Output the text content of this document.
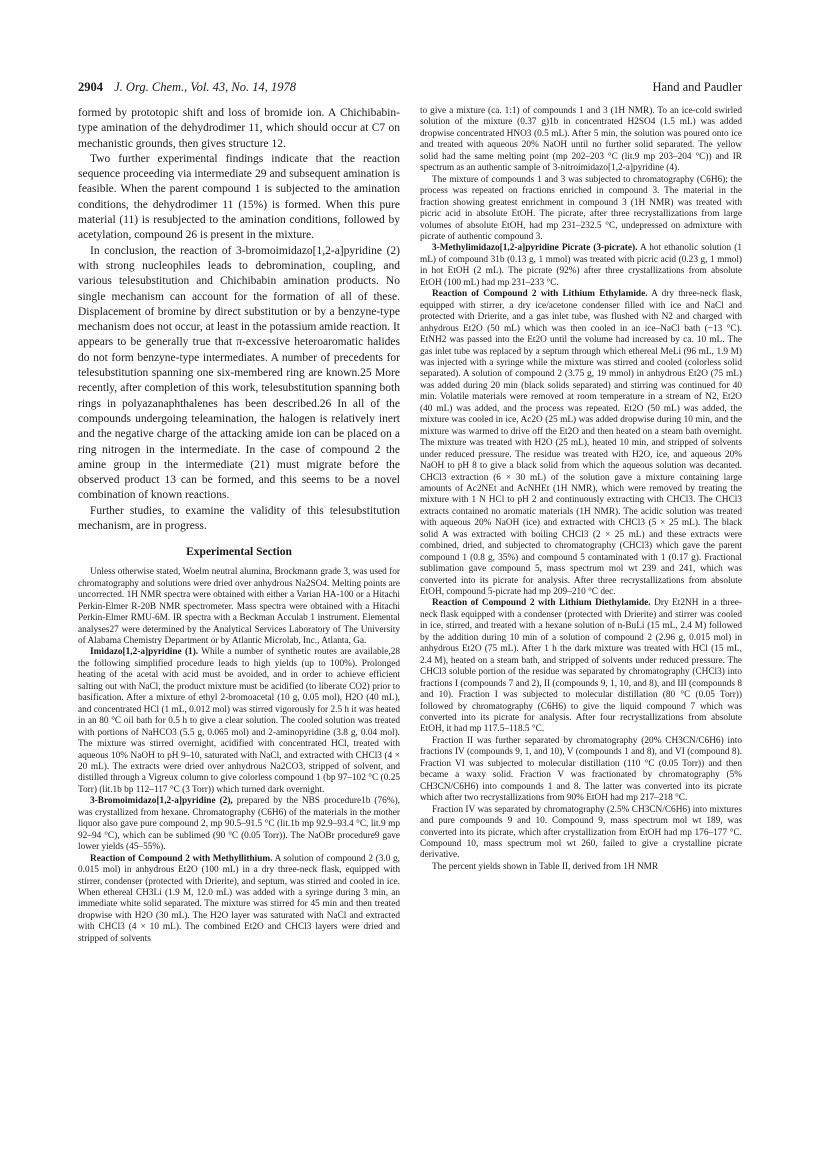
2904 J. Org. Chem., Vol. 43, No. 14, 1978	Hand and Paudler

formed by prototopic shift and loss of bromide ion. A Chichibabin-type amination of the dehydrodimer 11, which should occur at C7 on mechanistic grounds, then gives structure 12.

Two further experimental findings indicate that the reaction sequence proceeding via intermediate 29 and subsequent amination is feasible. When the parent compound 1 is subjected to the amination conditions, the dehydrodimer 11 (15%) is formed. When this pure material (11) is resubjected to the amination conditions, followed by acetylation, compound 26 is present in the mixture.

In conclusion, the reaction of 3-bromoimidazo[1,2-a]pyridine (2) with strong nucleophiles leads to debromination, coupling, and various telesubstitution and Chichibabin amination products. No single mechanism can account for the formation of all of these. Displacement of bromine by direct substitution or by a benzyne-type mechanism does not occur, at least in the potassium amide reaction. It appears to be generally true that π-excessive heteroaromatic halides do not form benzyne-type intermediates. A number of precedents for telesubstitution spanning one six-membered ring are known.25 More recently, after completion of this work, telesubstitution spanning both rings in polyazanaphthalenes has been described.26 In all of the compounds undergoing teleamination, the halogen is relatively inert and the negative charge of the attacking amide ion can be placed on a ring nitrogen in the intermediate. In the case of compound 2 the amine group in the intermediate (21) must migrate before the observed product 13 can be formed, and this seems to be a novel combination of known reactions.

Further studies, to examine the validity of this telesubstitution mechanism, are in progress.

Experimental Section

Unless otherwise stated, Woelm neutral alumina, Brockmann grade 3, was used for chromatography and solutions were dried over anhydrous Na2SO4. Melting points are uncorrected. 1H NMR spectra were obtained with either a Varian HA-100 or a Hitachi Perkin-Elmer R-20B NMR spectrometer. Mass spectra were obtained with a Hitachi Perkin-Elmer RMU-6M. IR spectra with a Beckman Acculab 1 instrument. Elemental analyses27 were determined by the Analytical Services Laboratory of The University of Alabama Chemistry Department or by Atlantic Microlab, Inc., Atlanta, Ga.

Imidazo[1,2-a]pyridine (1). While a number of synthetic routes are available,28 the following simplified procedure leads to high yields (up to 100%). Prolonged heating of the acetal with acid must be avoided, and in order to achieve efficient salting out with NaCl, the product mixture must be acidified (to liberate CO2) prior to basification. After a mixture of ethyl 2-bromoacetal (10 g, 0.05 mol), H2O (40 mL), and concentrated HCl (1 mL, 0.012 mol) was stirred vigorously for 2.5 h it was heated in an 80 °C oil bath for 0.5 h to give a clear solution. The cooled solution was treated with portions of NaHCO3 (5.5 g, 0.065 mol) and 2-aminopyridine (3.8 g, 0.04 mol). The mixture was stirred overnight, acidified with concentrated HCl, treated with aqueous 10% NaOH to pH 9–10, saturated with NaCl, and extracted with CHCl3 (4 × 20 mL). The extracts were dried over anhydrous Na2CO3, stripped of solvent, and distilled through a Vigreux column to give colorless compound 1 (bp 97–102 °C (0.25 Torr) (lit.1b bp 112–117 °C (3 Torr)) which turned dark overnight.

3-Bromoimidazo[1,2-a]pyridine (2), prepared by the NBS procedure1b (76%), was crystallized from hexane. Chromatography (C6H6) of the materials in the mother liquor also gave pure compound 2, mp 90.5–91.5 °C (lit.1b mp 92.9–93.4 °C, lit.9 mp 92–94 °C), which can be sublimed (90 °C (0.05 Torr)). The NaOBr procedure9 gave lower yields (45–55%).

Reaction of Compound 2 with Methyllithium. A solution of compound 2 (3.0 g, 0.015 mol) in anhydrous Et2O (100 mL) in a dry three-neck flask, equipped with stirrer, condenser (protected with Drierite), and septum, was stirred and cooled in ice. When ethereal CH3Li (1.9 M, 12.0 mL) was added with a syringe during 3 min, an immediate white solid separated. The mixture was stirred for 45 min and then treated dropwise with H2O (30 mL). The H2O layer was saturated with NaCl and extracted with CHCl3 (4 × 10 mL). The combined Et2O and CHCl3 layers were dried and stripped of solvents

to give a mixture (ca. 1:1) of compounds 1 and 3 (1H NMR). To an ice-cold swirled solution of the mixture (0.37 g)1b in concentrated H2SO4 (1.5 mL) was added dropwise concentrated HNO3 (0.5 mL). After 5 min, the solution was poured onto ice and treated with aqueous 20% NaOH until no further solid separated. The yellow solid had the same melting point (mp 202–203 °C (lit.9 mp 203–204 °C)) and IR spectrum as an authentic sample of 3-nitroimidazo[1,2-a]pyridine (4).

The mixture of compounds 1 and 3 was subjected to chromatography (C6H6); the process was repeated on fractions enriched in compound 3. The material in the fraction showing greatest enrichment in compound 3 (1H NMR) was treated with picric acid in absolute EtOH. The picrate, after three recrystallizations from large volumes of absolute EtOH, had mp 231–232.5 °C, undepressed on admixture with picrate of authentic compound 3.

3-Methylimidazo[1,2-a]pyridine Picrate (3-picrate). A hot ethanolic solution (1 mL) of compound 31b (0.13 g, 1 mmol) was treated with picric acid (0.23 g, 1 mmol) in hot EtOH (2 mL). The picrate (92%) after three crystallizations from absolute EtOH (100 mL) had mp 231–233 °C.

Reaction of Compound 2 with Lithium Ethylamide. A dry three-neck flask, equipped with stirrer, a dry ice/acetone condenser filled with ice and NaCl and protected with Drierite, and a gas inlet tube, was flushed with N2 and charged with anhydrous Et2O (50 mL) which was then cooled in an ice–NaCl bath (−13 °C). EtNH2 was passed into the Et2O until the volume had increased by ca. 10 mL. The gas inlet tube was replaced by a septum through which ethereal MeLi (96 mL, 1.9 M) was injected with a syringe while the mixture was stirred and cooled (colorless solid separated). A solution of compound 2 (3.75 g, 19 mmol) in anhydrous Et2O (75 mL) was added during 20 min (black solids separated) and stirring was continued for 40 min. Volatile materials were removed at room temperature in a stream of N2, Et2O (40 mL) was added, and the process was repeated. Et2O (50 mL) was added, the mixture was cooled in ice, Ac2O (25 mL) was added dropwise during 10 min, and the mixture was warmed to drive off the Et2O and then heated on a steam bath overnight. The mixture was treated with H2O (25 mL), heated 10 min, and stripped of solvents under reduced pressure. The residue was treated with H2O, ice, and aqueous 20% NaOH to pH 8 to give a black solid from which the aqueous solution was decanted. CHCl3 extraction (6 × 30 mL) of the solution gave a mixture containing large amounts of Ac2NEt and AcNHEt (1H NMR), which were removed by treating the mixture with 1 N HCl to pH 2 and continuously extracting with CHCl3. The CHCl3 extracts contained no aromatic materials (1H NMR). The acidic solution was treated with aqueous 20% NaOH (ice) and extracted with CHCl3 (5 × 25 mL). The black solid A was extracted with boiling CHCl3 (2 × 25 mL) and these extracts were combined, dried, and subjected to chromatography (CHCl3) which gave the parent compound 1 (0.8 g, 35%) and compound 5 contaminated with 1 (0.17 g). Fractional sublimation gave compound 5, mass spectrum mol wt 239 and 241, which was converted into its picrate for analysis. After three recrystallizations from absolute EtOH, compound 5-picrate had mp 209–210 °C dec.

Reaction of Compound 2 with Lithium Diethylamide. Dry Et2NH in a three-neck flask equipped with a condenser (protected with Drierite) and stirrer was cooled in ice, stirred, and treated with a hexane solution of n-BuLi (15 mL, 2.4 M) followed by the addition during 10 min of a solution of compound 2 (2.96 g, 0.015 mol) in anhydrous Et2O (75 mL). After 1 h the dark mixture was treated with HCl (15 mL, 2.4 M), heated on a steam bath, and stripped of solvents under reduced pressure. The CHCl3 soluble portion of the residue was separated by chromatography (CHCl3) into fractions I (compounds 7 and 2), II (compounds 9, 1, 10, and 8), and III (compounds 8 and 10). Fraction I was subjected to molecular distillation (80 °C (0.05 Torr)) followed by chromatography (C6H6) to give the liquid compound 7 which was converted into its picrate for analysis. After four recrystallizations from absolute EtOH, it had mp 117.5–118.5 °C.

Fraction II was further separated by chromatography (20% CH3CN/C6H6) into fractions IV (compounds 9, 1, and 10), V (compounds 1 and 8), and VI (compound 8). Fraction VI was subjected to molecular distillation (110 °C (0.05 Torr)) and then became a waxy solid. Fraction V was fractionated by chromatography (5% CH3CN/C6H6) into compounds 1 and 8. The latter was converted into its picrate which after two recrystallizations from 90% EtOH had mp 217–218 °C.

Fraction IV was separated by chromatography (2.5% CH3CN/C6H6) into mixtures and pure compounds 9 and 10. Compound 9, mass spectrum mol wt 189, was converted into its picrate, which after crystallization from EtOH had mp 176–177 °C. Compound 10, mass spectrum mol wt 260, failed to give a crystalline picrate derivative.

The percent yields shown in Table II, derived from 1H NMR
